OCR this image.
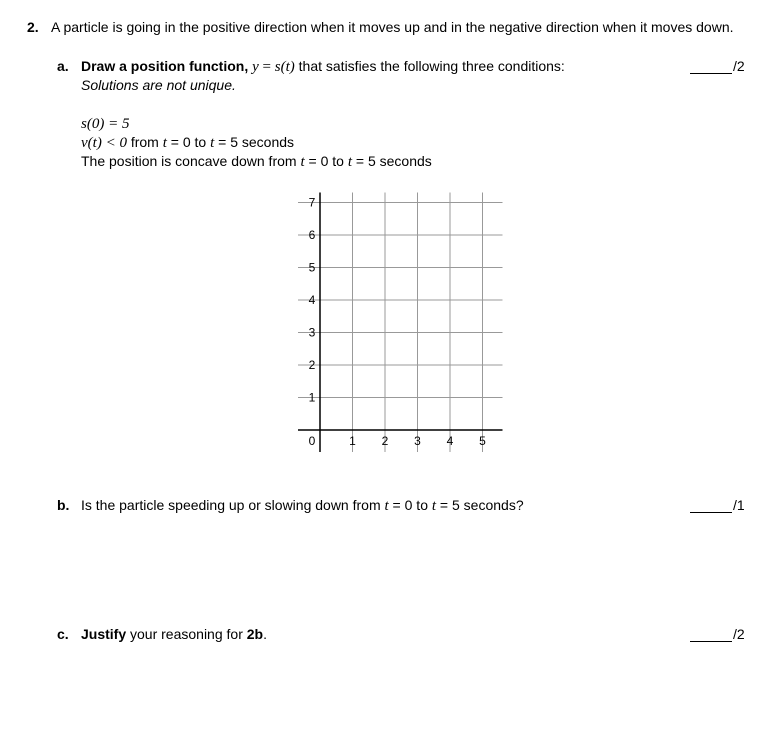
2. A particle is going in the positive direction when it moves up and in the negative direction when it moves down.
a. Draw a position function, y = s(t) that satisfies the following three conditions:
Solutions are not unique.
/2
s(0) = 5
v(t) < 0 from t = 0 to t = 5 seconds
The position is concave down from t = 0 to t = 5 seconds
1
2
3
4
5
6
7
1 2 3 4 5
0
b. Is the particle speeding up or slowing down from t = 0 to t = 5 seconds?	/1
c. Justify your reasoning for 2b.	/2
